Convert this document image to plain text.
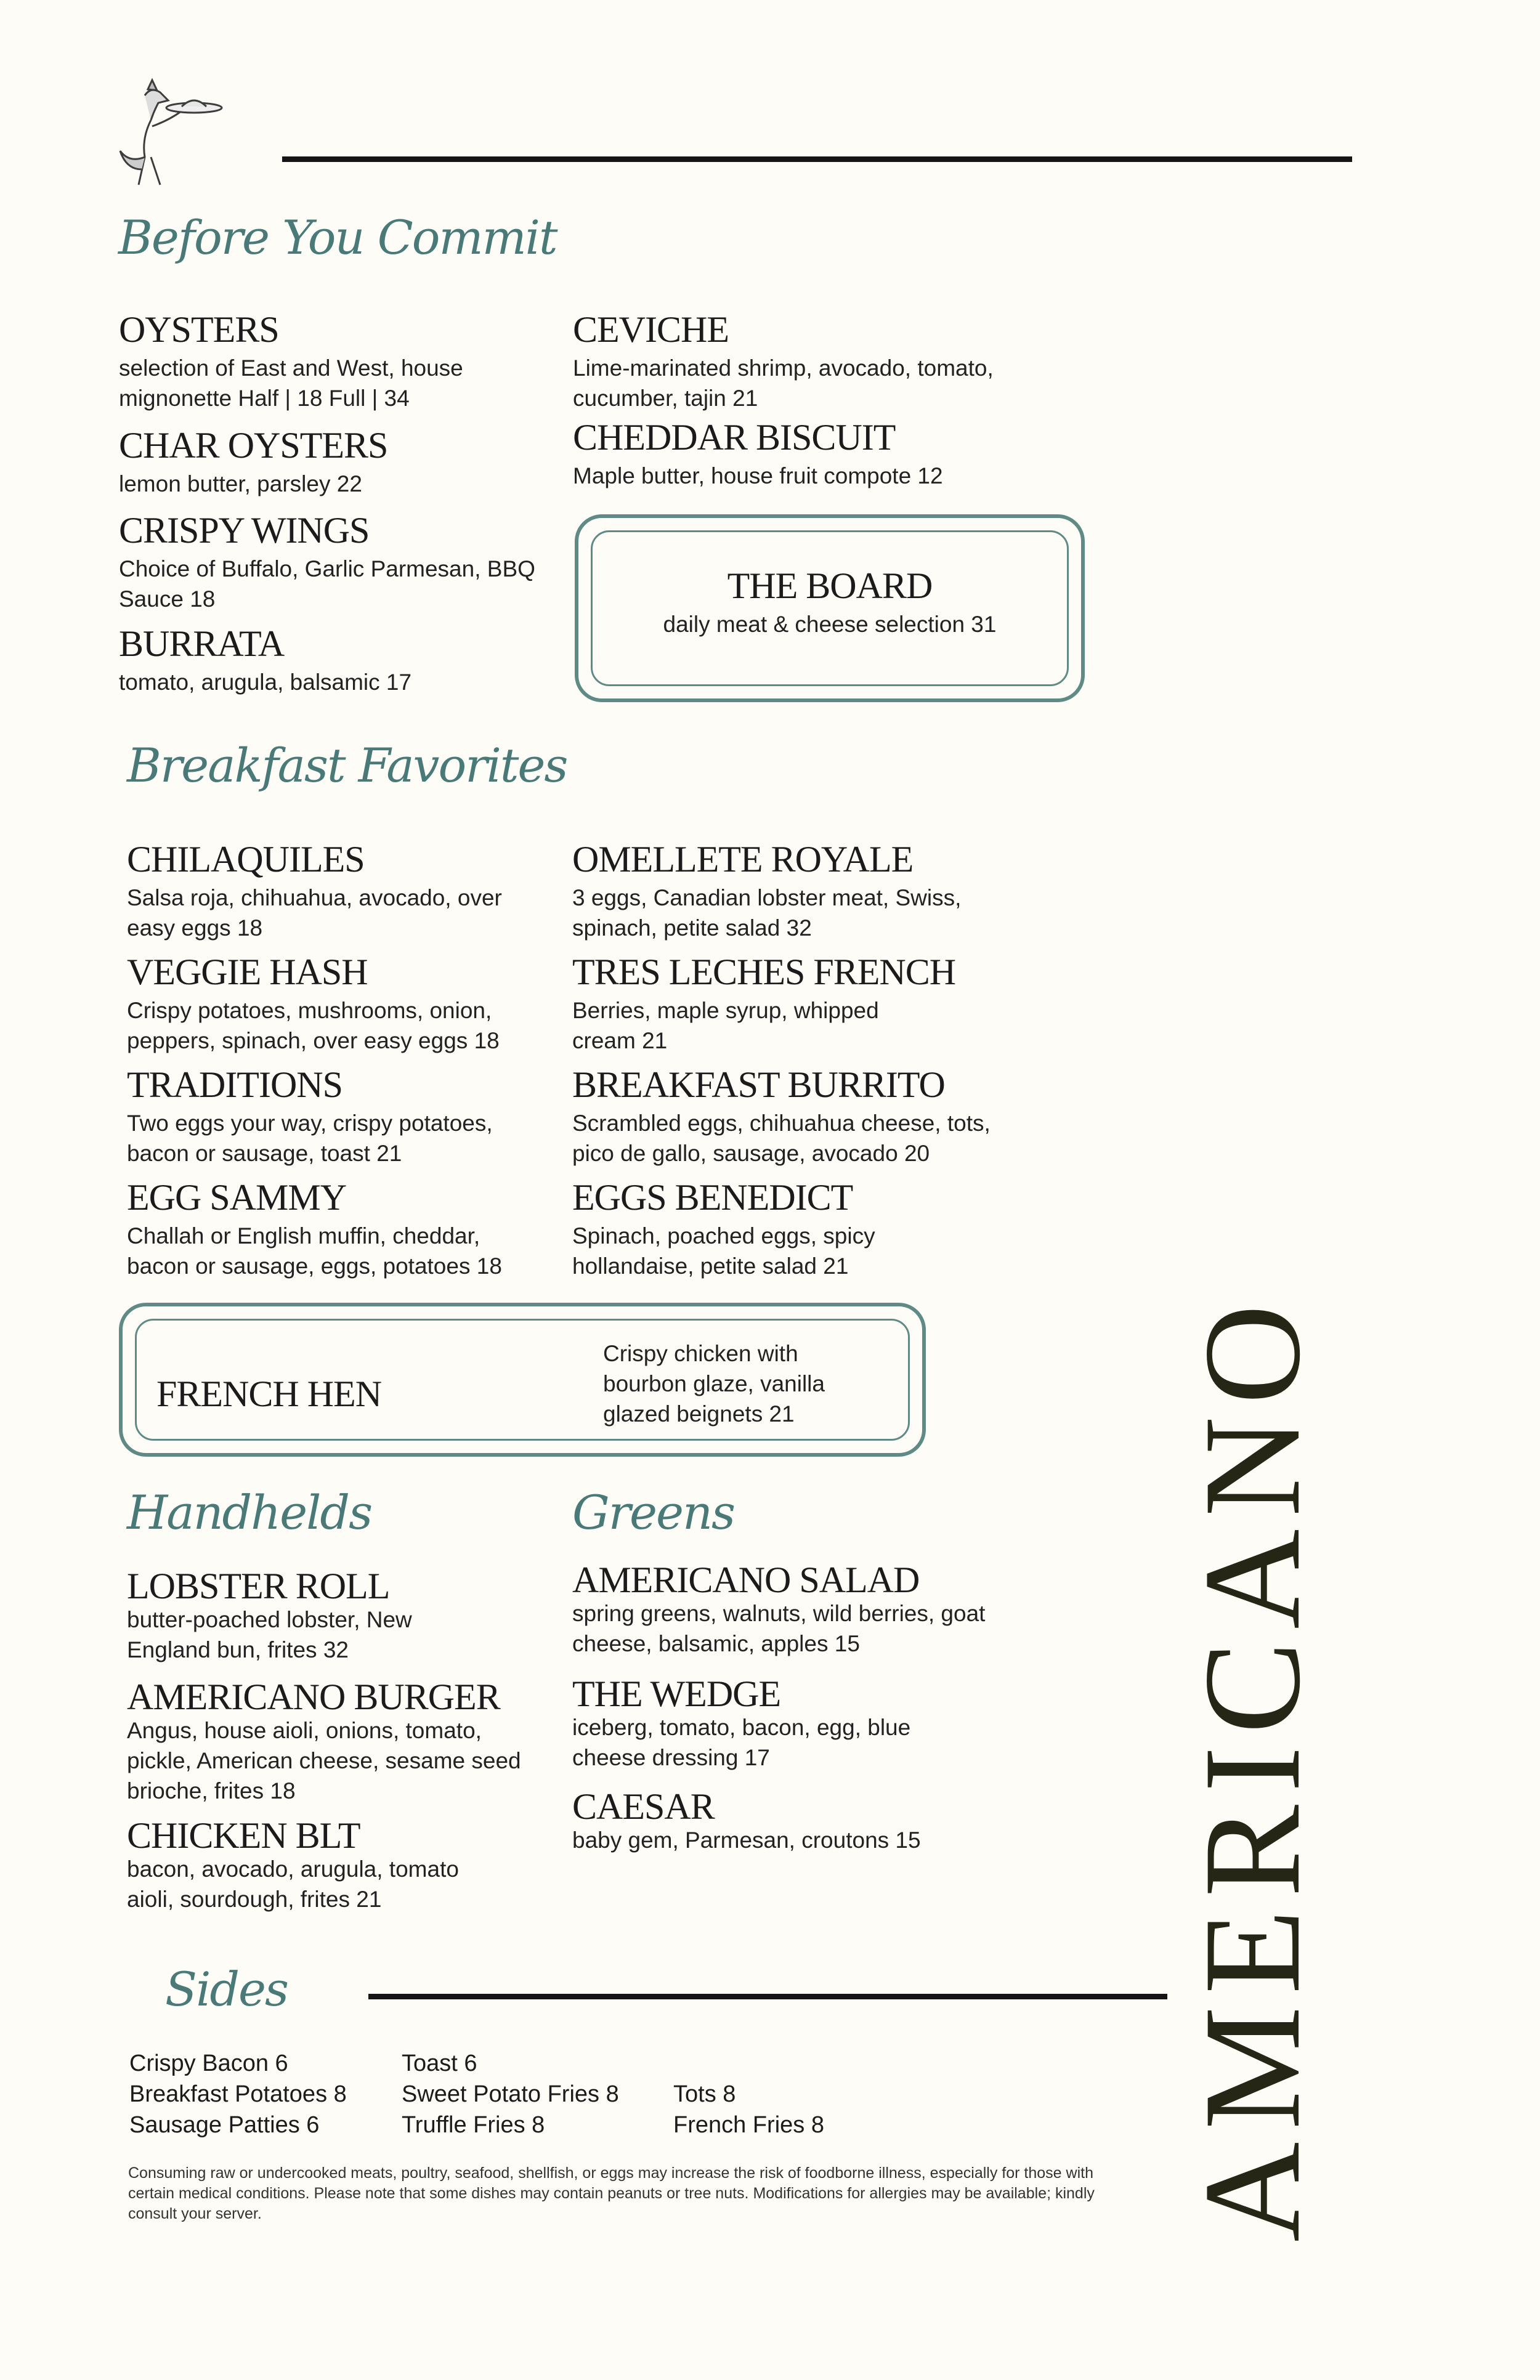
Before You Commit
OYSTERS
selection of East and West, house mignonette Half | 18 Full | 34
CHAR OYSTERS
lemon butter, parsley 22
CRISPY WINGS
Choice of Buffalo, Garlic Parmesan, BBQ Sauce 18
BURRATA
tomato, arugula, balsamic 17
CEVICHE
Lime-marinated shrimp, avocado, tomato, cucumber, tajin 21
CHEDDAR BISCUIT
Maple butter, house fruit compote 12
THE BOARD
daily meat & cheese selection 31
Breakfast Favorites
CHILAQUILES
Salsa roja, chihuahua, avocado, over easy eggs 18
VEGGIE HASH
Crispy potatoes, mushrooms, onion, peppers, spinach, over easy eggs 18
TRADITIONS
Two eggs your way, crispy potatoes, bacon or sausage, toast 21
EGG SAMMY
Challah or English muffin, cheddar, bacon or sausage, eggs, potatoes 18
OMELLETE ROYALE
3 eggs, Canadian lobster meat, Swiss, spinach, petite salad 32
TRES LECHES FRENCH
Berries, maple syrup, whipped cream 21
BREAKFAST BURRITO
Scrambled eggs, chihuahua cheese, tots, pico de gallo, sausage, avocado 20
EGGS BENEDICT
Spinach, poached eggs, spicy hollandaise, petite salad 21
FRENCH HEN
Crispy chicken with bourbon glaze, vanilla glazed beignets 21
Handhelds
LOBSTER ROLL
butter-poached lobster, New England bun, frites 32
AMERICANO BURGER
Angus, house aioli, onions, tomato, pickle, American cheese, sesame seed brioche, frites 18
CHICKEN BLT
bacon, avocado, arugula, tomato aioli, sourdough, frites 21
Greens
AMERICANO SALAD
spring greens, walnuts, wild berries, goat cheese, balsamic, apples 15
THE WEDGE
iceberg, tomato, bacon, egg, blue cheese dressing 17
CAESAR
baby gem, Parmesan, croutons 15
Sides
Crispy Bacon 6
Breakfast Potatoes 8
Sausage Patties 6
Toast 6
Sweet Potato Fries 8
Truffle Fries 8
Tots 8
French Fries 8
Consuming raw or undercooked meats, poultry, seafood, shellfish, or eggs may increase the risk of foodborne illness, especially for those with certain medical conditions. Please note that some dishes may contain peanuts or tree nuts. Modifications for allergies may be available; kindly consult your server.	AMERICANO
